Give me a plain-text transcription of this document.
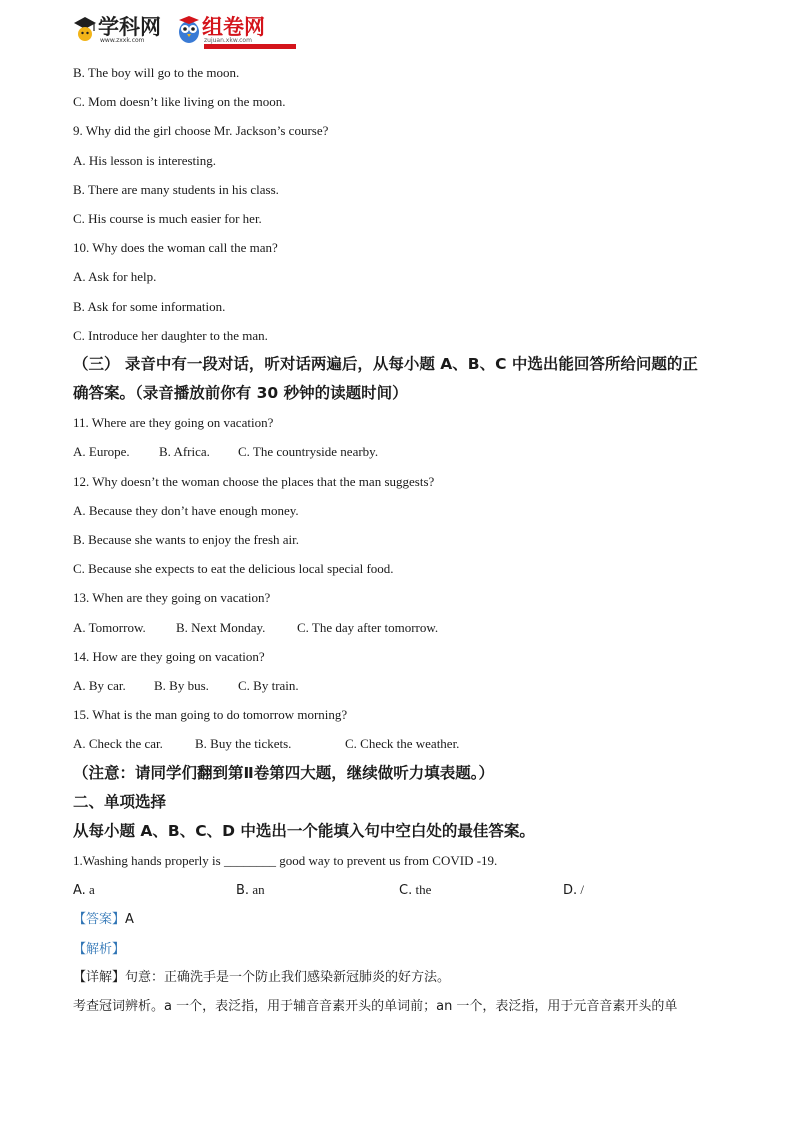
学科网
www.zxxk.com
组卷网
zujuan.xkw.com
B. The boy will go to the moon.
C. Mom doesn’t like living on the moon.
9. Why did the girl choose Mr. Jackson’s course?
A. His lesson is interesting.
B. There are many students in his class.
C. His course is much easier for her.
10. Why does the woman call the man?
A. Ask for help.
B. Ask for some information.
C. Introduce her daughter to the man.
（三） 录音中有一段对话，听对话两遍后，从每小题 A、B、C 中选出能回答所给问题的正
确答案。（录音播放前你有 30 秒钟的读题时间）
11. Where are they going on vacation?
A. Europe. B. Africa. C. The countryside nearby.
12. Why doesn’t the woman choose the places that the man suggests?
A. Because they don’t have enough money.
B. Because she wants to enjoy the fresh air.
C. Because she expects to eat the delicious local special food.
13. When are they going on vacation?
A. Tomorrow. B. Next Monday. C. The day after tomorrow.
14. How are they going on vacation?
A. By car. B. By bus. C. By train.
15. What is the man going to do tomorrow morning?
A. Check the car. B. Buy the tickets.	C. Check the weather.
（注意：请同学们翻到第Ⅱ卷第四大题，继续做听力填表题。）
二、单项选择
从每小题 A、B、C、D 中选出一个能填入句中空白处的最佳答案。
1.Washing hands properly is ________ good way to prevent us from COVID -19.
A. a	B. an	C. the	D. /
【答案】A
【解析】
【详解】句意：正确洗手是一个防止我们感染新冠肺炎的好方法。
考查冠词辨析。a 一个，表泛指，用于辅音音素开头的单词前；an 一个，表泛指，用于元音音素开头的单
